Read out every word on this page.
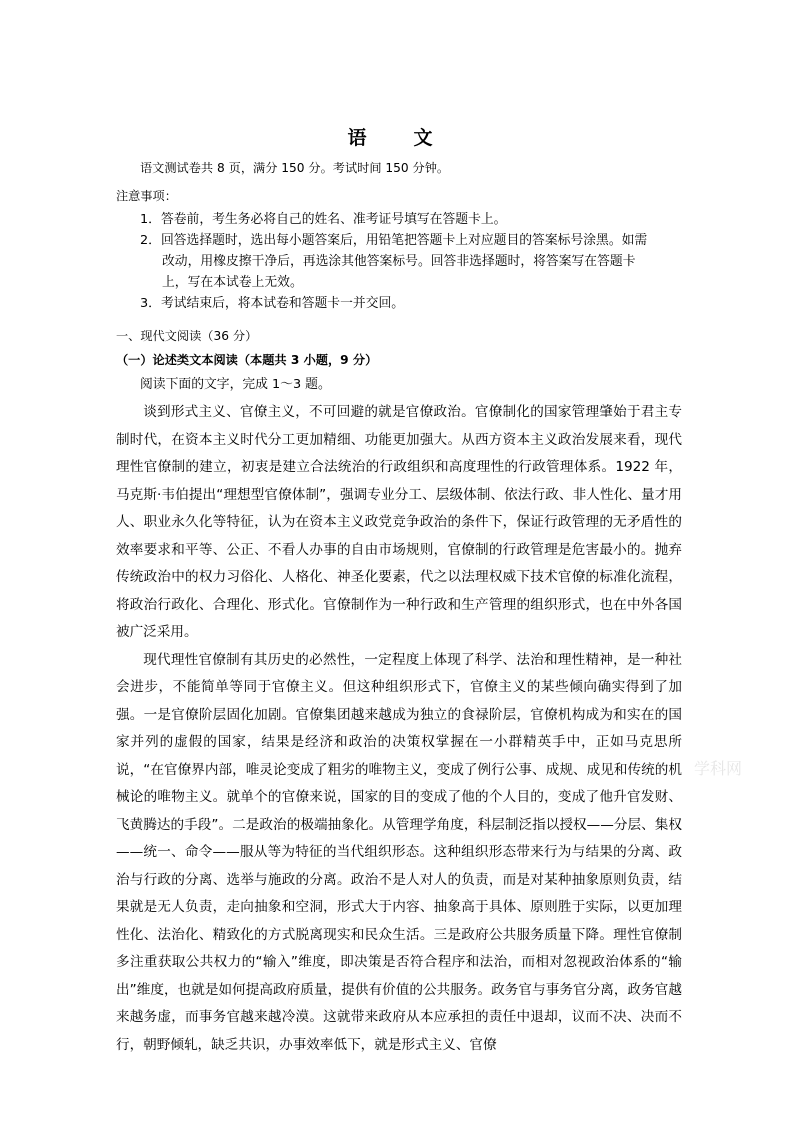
语　文
语文测试卷共 8 页，满分 150 分。考试时间 150 分钟。
注意事项：
1．答卷前，考生务必将自己的姓名、准考证号填写在答题卡上。
2．回答选择题时，选出每小题答案后，用铅笔把答题卡上对应题目的答案标号涂黑。如需
改动，用橡皮擦干净后，再选涂其他答案标号。回答非选择题时，将答案写在答题卡
上，写在本试卷上无效。
3．考试结束后，将本试卷和答题卡一并交回。
一、现代文阅读（36 分）
（一）论述类文本阅读（本题共 3 小题，9 分）
阅读下面的文字，完成 1～3 题。

谈到形式主义、官僚主义，不可回避的就是官僚政治。官僚制化的国家管理肇始于君主专制时代，在资本主义时代分工更加精细、功能更加强大。从西方资本主义政治发展来看，现代理性官僚制的建立，初衷是建立合法统治的行政组织和高度理性的行政管理体系。1922 年，马克斯·韦伯提出“理想型官僚体制”，强调专业分工、层级体制、依法行政、非人性化、量才用人、职业永久化等特征，认为在资本主义政党竞争政治的条件下，保证行政管理的无矛盾性的效率要求和平等、公正、不看人办事的自由市场规则，官僚制的行政管理是危害最小的。抛弃传统政治中的权力习俗化、人格化、神圣化要素，代之以法理权威下技术官僚的标准化流程，将政治行政化、合理化、形式化。官僚制作为一种行政和生产管理的组织形式，也在中外各国被广泛采用。

现代理性官僚制有其历史的必然性，一定程度上体现了科学、法治和理性精神，是一种社会进步，不能简单等同于官僚主义。但这种组织形式下，官僚主义的某些倾向确实得到了加强。一是官僚阶层固化加剧。官僚集团越来越成为独立的食禄阶层，官僚机构成为和实在的国家并列的虚假的国家，结果是经济和政治的决策权掌握在一小群精英手中，正如马克思所说，“在官僚界内部，唯灵论变成了粗劣的唯物主义，变成了例行公事、成规、成见和传统的机械论的唯物主义。就单个的官僚来说，国家的目的变成了他的个人目的，变成了他升官发财、飞黄腾达的手段”。二是政治的极端抽象化。从管理学角度，科层制泛指以授权——分层、集权——统一、命令——服从等为特征的当代组织形态。这种组织形态带来行为与结果的分离、政治与行政的分离、选举与施政的分离。政治不是人对人的负责，而是对某种抽象原则负责，结果就是无人负责，走向抽象和空洞，形式大于内容、抽象高于具体、原则胜于实际，以更加理性化、法治化、精致化的方式脱离现实和民众生活。三是政府公共服务质量下降。理性官僚制多注重获取公共权力的“输入”维度，即决策是否符合程序和法治，而相对忽视政治体系的“输出”维度，也就是如何提高政府质量，提供有价值的公共服务。政务官与事务官分离，政务官越来越务虚，而事务官越来越冷漠。这就带来政府从本应承担的责任中退却，议而不决、决而不行，朝野倾轧，缺乏共识，办事效率低下，就是形式主义、官僚

学科网
